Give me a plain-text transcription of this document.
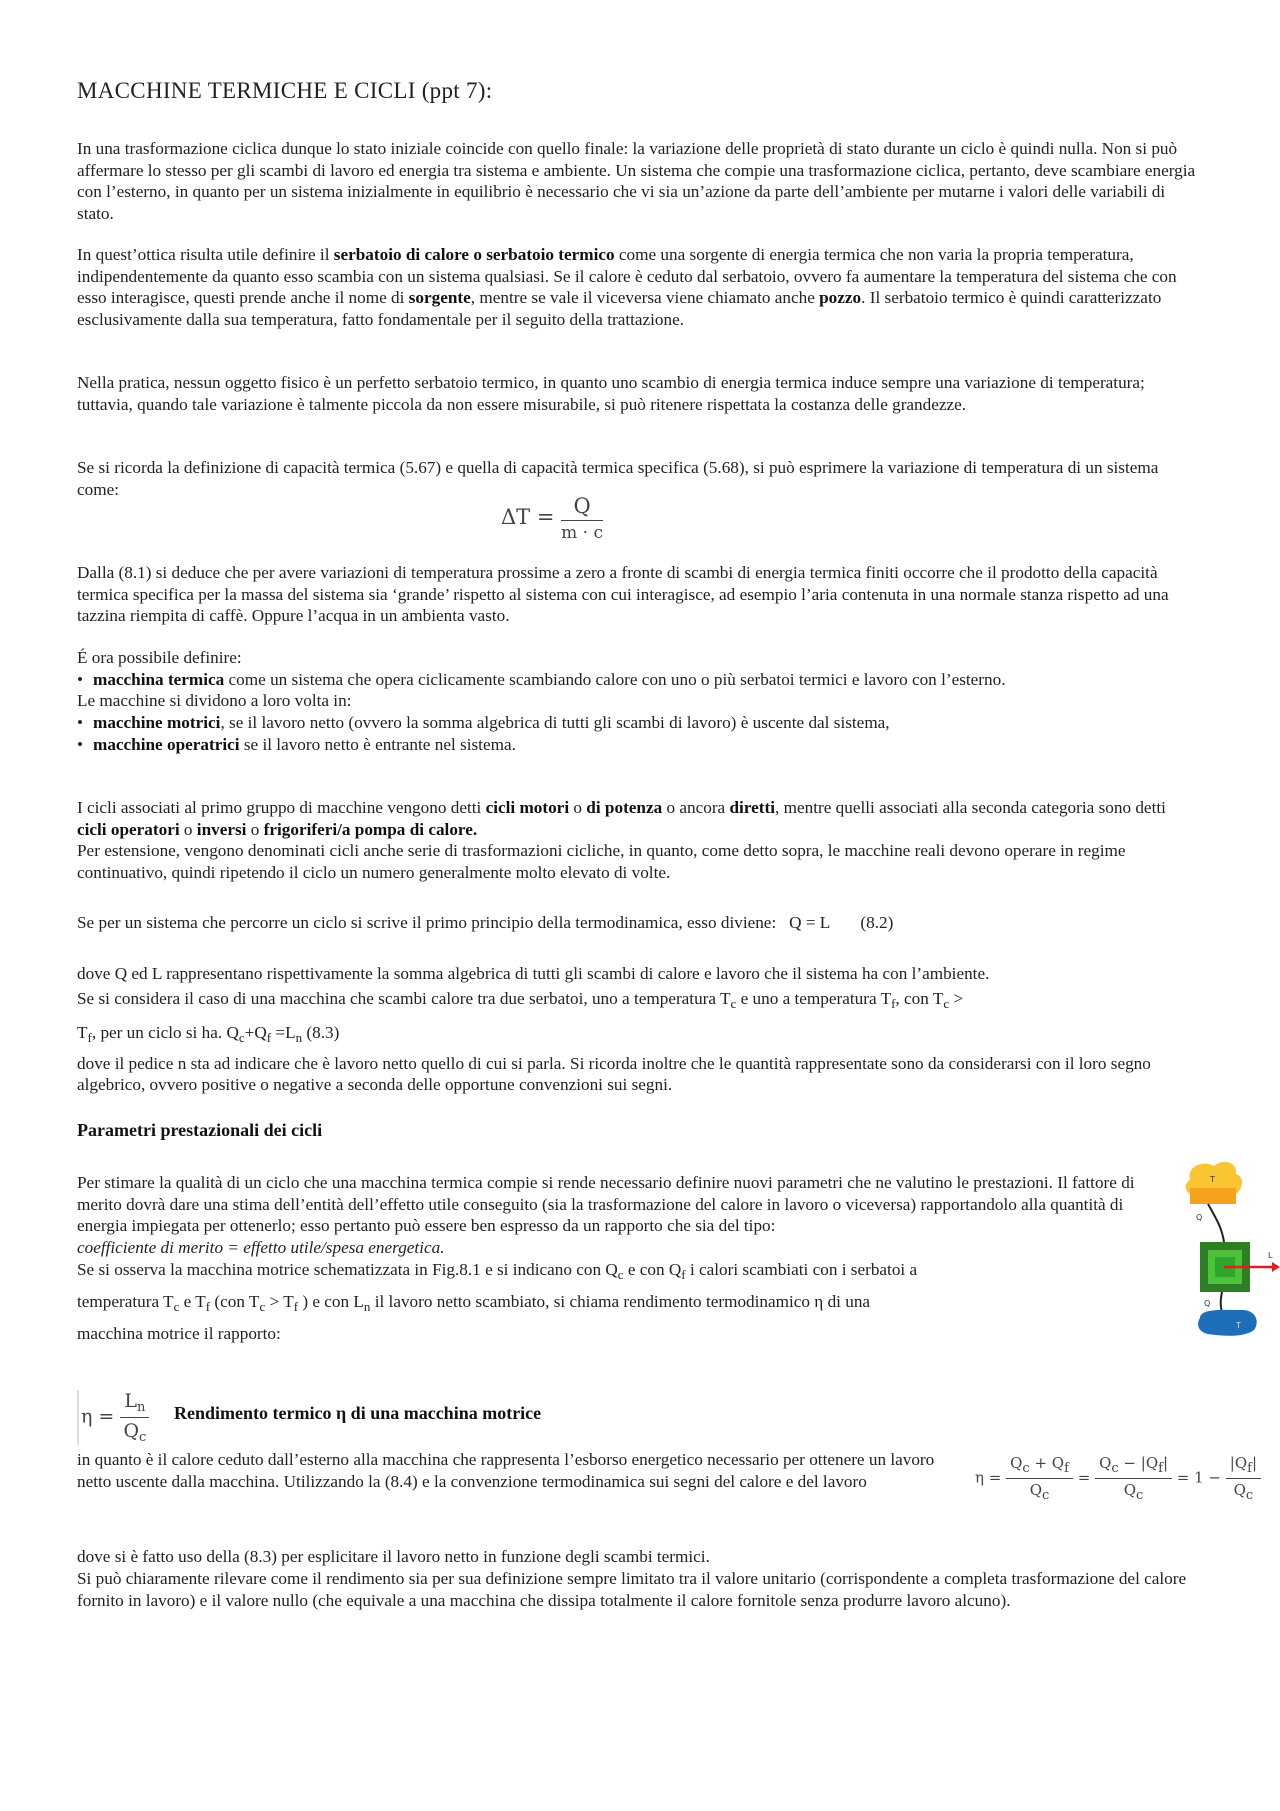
MACCHINE TERMICHE E CICLI (ppt 7):

In una trasformazione ciclica dunque lo stato iniziale coincide con quello finale: la variazione delle proprietà di stato durante un ciclo è quindi nulla. Non si può affermare lo stesso per gli scambi di lavoro ed energia tra sistema e ambiente. Un sistema che compie una trasformazione ciclica, pertanto, deve scambiare energia con l’esterno, in quanto per un sistema inizialmente in equilibrio è necessario che vi sia un’azione da parte dell’ambiente per mutarne i valori delle variabili di stato.

In quest’ottica risulta utile definire il serbatoio di calore o serbatoio termico come una sorgente di energia termica che non varia la propria temperatura, indipendentemente da quanto esso scambia con un sistema qualsiasi. Se il calore è ceduto dal serbatoio, ovvero fa aumentare la temperatura del sistema che con esso interagisce, questi prende anche il nome di sorgente, mentre se vale il viceversa viene chiamato anche pozzo. Il serbatoio termico è quindi caratterizzato esclusivamente dalla sua temperatura, fatto fondamentale per il seguito della trattazione.

Nella pratica, nessun oggetto fisico è un perfetto serbatoio termico, in quanto uno scambio di energia termica induce sempre una variazione di temperatura; tuttavia, quando tale variazione è talmente piccola da non essere misurabile, si può ritenere rispettata la costanza delle grandezze.

Se si ricorda la definizione di capacità termica (5.67) e quella di capacità termica specifica (5.68), si può esprimere la variazione di temperatura di un sistema come:

$\Delta T = \frac{Q}{m \cdot c}$

Dalla (8.1) si deduce che per avere variazioni di temperatura prossime a zero a fronte di scambi di energia termica finiti occorre che il prodotto della capacità termica specifica per la massa del sistema sia ‘grande’ rispetto al sistema con cui interagisce, ad esempio l’aria contenuta in una normale stanza rispetto ad una tazzina riempita di caffè. Oppure l’acqua in un ambienta vasto.

É ora possibile definire:
• macchina termica come un sistema che opera ciclicamente scambiando calore con uno o più serbatoi termici e lavoro con l’esterno.
Le macchine si dividono a loro volta in:
• macchine motrici, se il lavoro netto (ovvero la somma algebrica di tutti gli scambi di lavoro) è uscente dal sistema,
• macchine operatrici se il lavoro netto è entrante nel sistema.

I cicli associati al primo gruppo di macchine vengono detti cicli motori o di potenza o ancora diretti, mentre quelli associati alla seconda categoria sono detti cicli operatori o inversi o frigoriferi/a pompa di calore.
Per estensione, vengono denominati cicli anche serie di trasformazioni cicliche, in quanto, come detto sopra, le macchine reali devono operare in regime continuativo, quindi ripetendo il ciclo un numero generalmente molto elevato di volte.

Se per un sistema che percorre un ciclo si scrive il primo principio della termodinamica, esso diviene: Q = L (8.2)

dove Q ed L rappresentano rispettivamente la somma algebrica di tutti gli scambi di calore e lavoro che il sistema ha con l’ambiente.
Se si considera il caso di una macchina che scambi calore tra due serbatoi, uno a temperatura $T_c$ e uno a temperatura $T_f$, con $T_c$ >
$T_f$, per un ciclo si ha. $Q_c+Q_f =L_n$ (8.3)
dove il pedice n sta ad indicare che è lavoro netto quello di cui si parla. Si ricorda inoltre che le quantità rappresentate sono da considerarsi con il loro segno algebrico, ovvero positive o negative a seconda delle opportune convenzioni sui segni.
Parametri prestazionali dei cicli
Per stimare la qualità di un ciclo che una macchina termica compie si rende necessario definire nuovi parametri che ne valutino le prestazioni. Il fattore di merito dovrà dare una stima dell’entità dell’effetto utile conseguito (sia la trasformazione del calore in lavoro o viceversa) rapportandolo alla quantità di energia impiegata per ottenerlo; esso pertanto può essere ben espresso da un rapporto che sia del tipo:
coefficiente di merito = effetto utile/spesa energetica.
Se si osserva la macchina motrice schematizzata in Fig.8.1 e si indicano con $Q_c$ e con $Q_f$ i calori scambiati con i serbatoi a
temperatura $T_c$ e $T_f$ (con $T_c > T_f$ ) e con $L_n$ il lavoro netto scambiato, si chiama rendimento termodinamico η di una
macchina motrice il rapporto:
T
Q
L
Q
T
$\eta = \frac{L_n}{Q_c}$ Rendimento termico η di una macchina motrice

in quanto è il calore ceduto dall’esterno alla macchina che rappresenta l’esborso energetico necessario per ottenere un lavoro netto uscente dalla macchina. Utilizzando la (8.4) e la convenzione termodinamica sui segni del calore e del lavoro	$\eta = \frac{Qc + Qf}{Qc} = \frac{Qc - |Qf|}{Qc} = 1 - \frac{|Qf|}{Qc}$

dove si è fatto uso della (8.3) per esplicitare il lavoro netto in funzione degli scambi termici.

Si può chiaramente rilevare come il rendimento sia per sua definizione sempre limitato tra il valore unitario (corrispondente a completa trasformazione del calore fornito in lavoro) e il valore nullo (che equivale a una macchina che dissipa totalmente il calore fornitole senza produrre lavoro alcuno).
